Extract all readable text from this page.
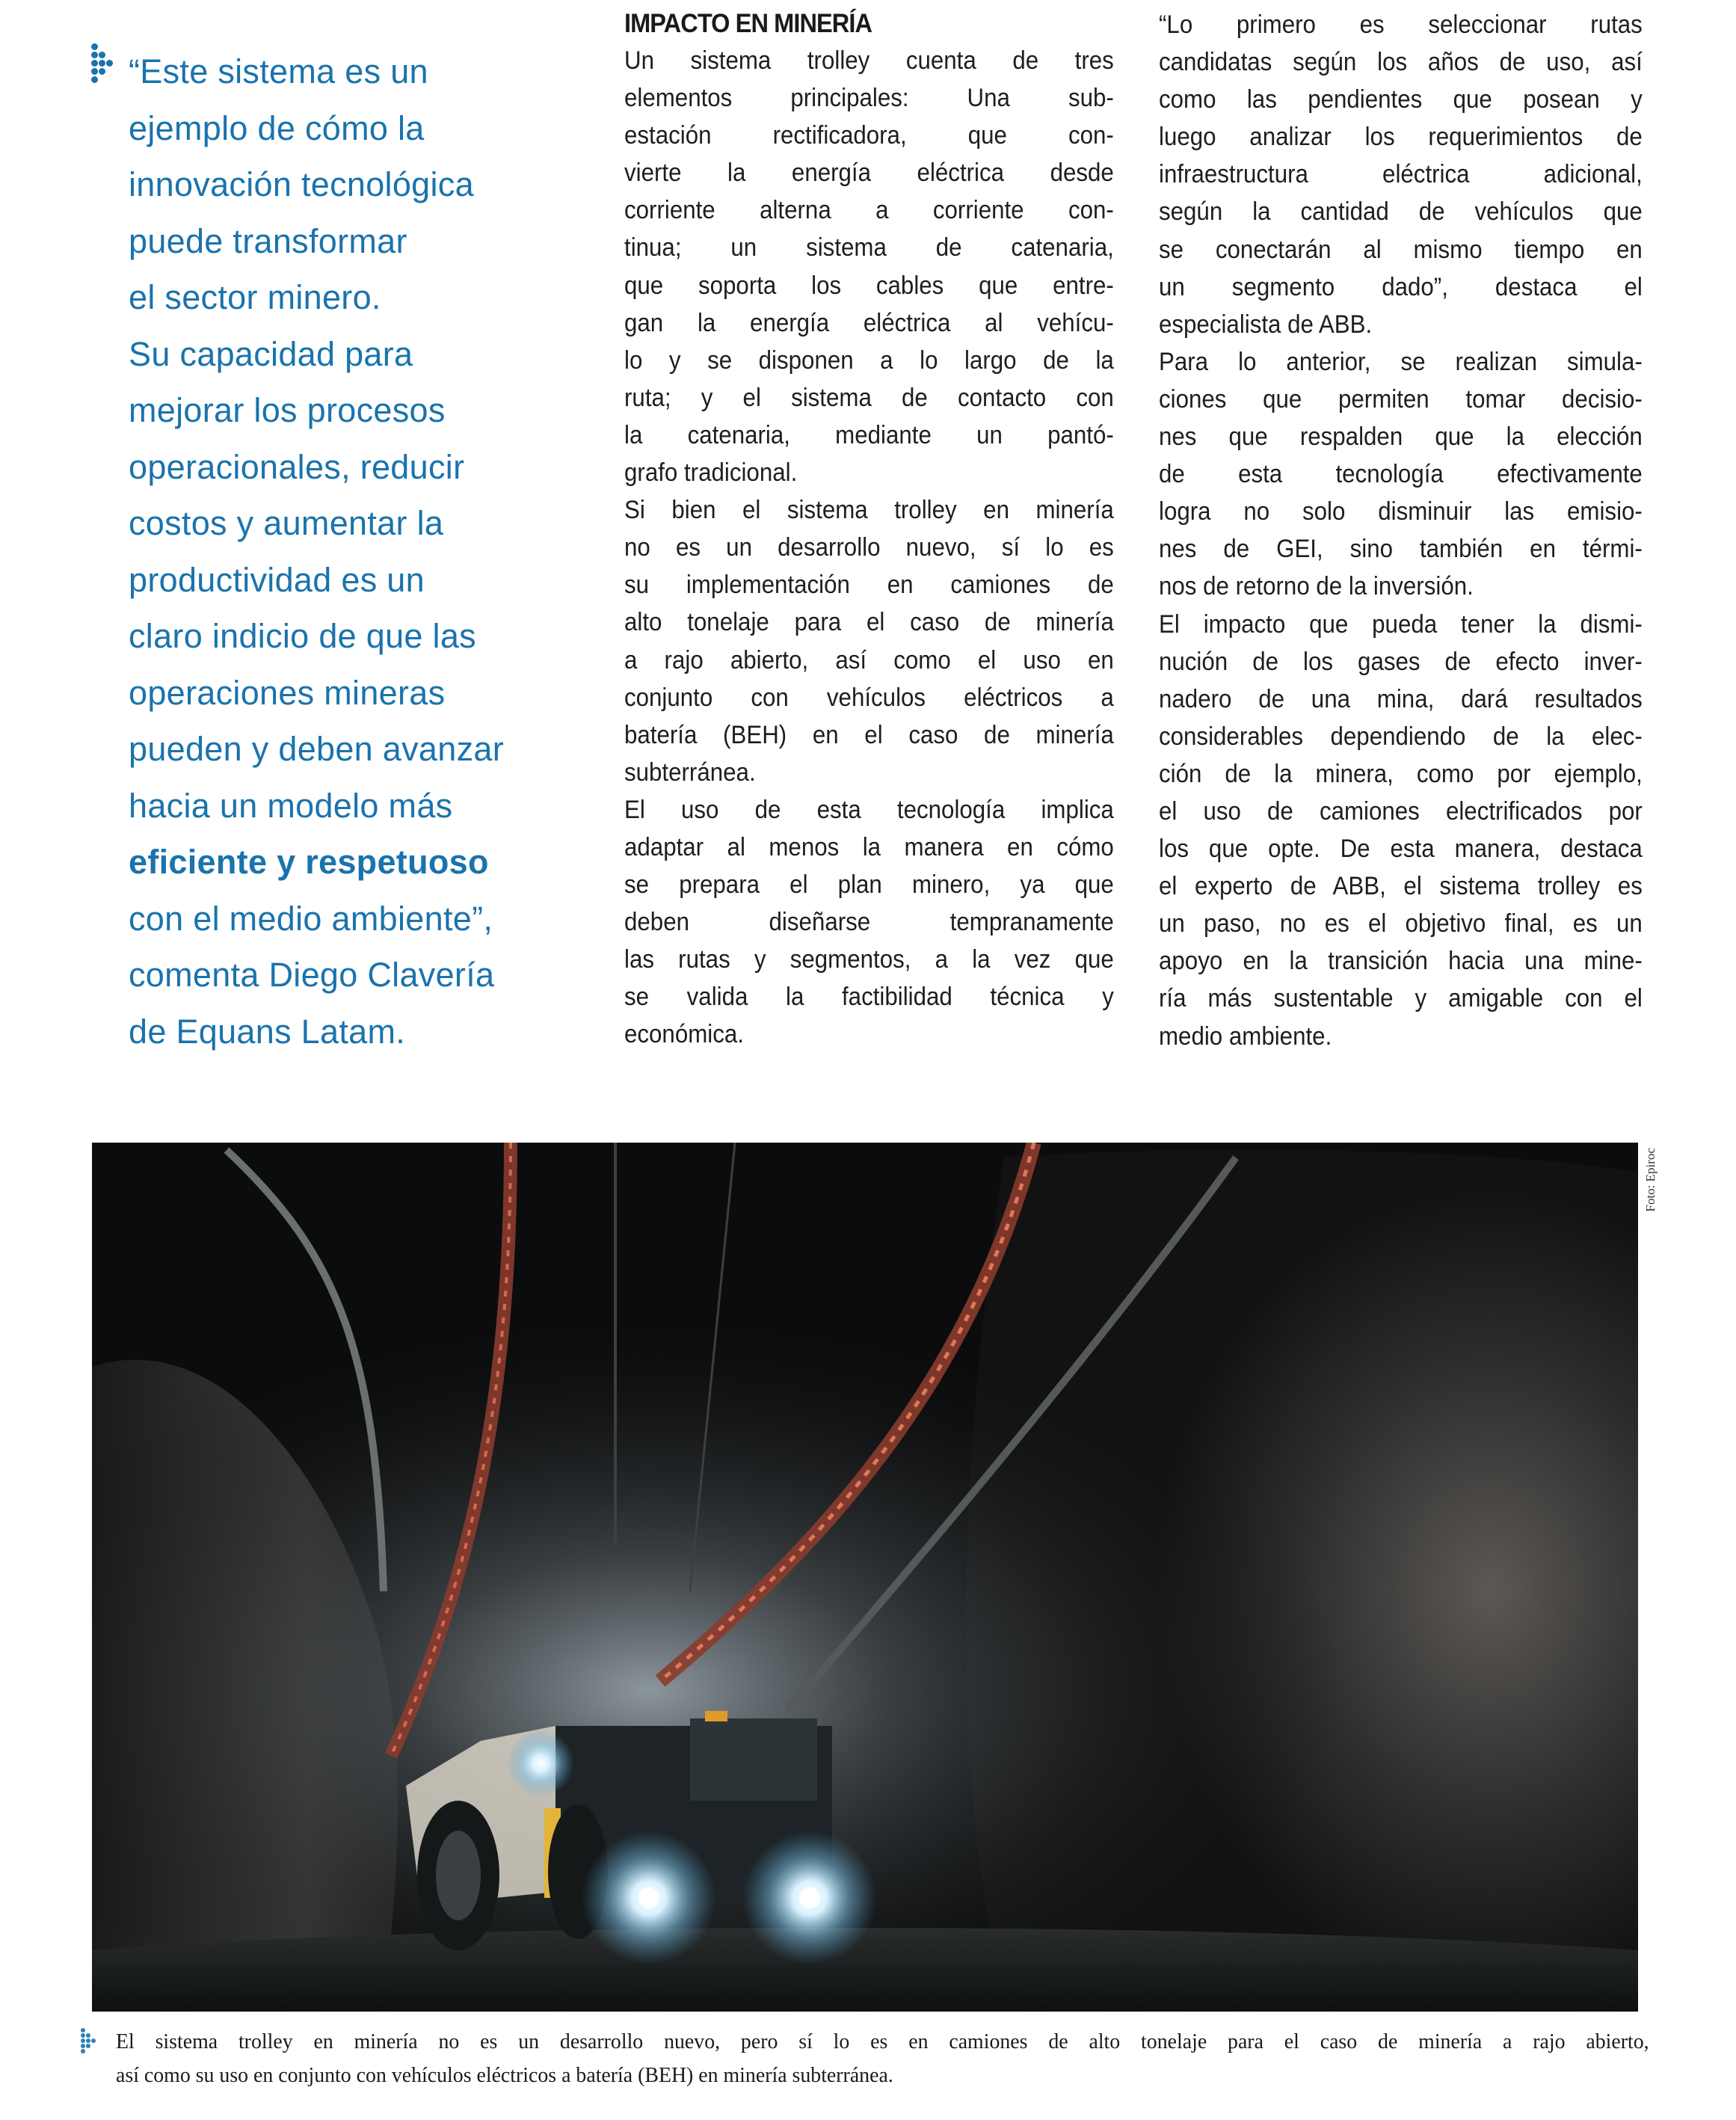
“Este sistema es un
ejemplo de cómo la
innovación tecnológica
puede transformar
el sector minero.
Su capacidad para
mejorar los procesos
operacionales, reducir
costos y aumentar la
productividad es un
claro indicio de que las
operaciones mineras
pueden y deben avanzar
hacia un modelo más
eficiente y respetuoso
con el medio ambiente”,
comenta Diego Clavería
de Equans Latam.
IMPACTO EN MINERÍA
Un sistema trolley cuenta de tres
elementos principales: Una sub-
estación rectificadora, que con-
vierte la energía eléctrica desde
corriente alterna a corriente con-
tinua; un sistema de catenaria,
que soporta los cables que entre-
gan la energía eléctrica al vehícu-
lo y se disponen a lo largo de la
ruta; y el sistema de contacto con
la catenaria, mediante un pantó-
grafo tradicional.
Si bien el sistema trolley en minería
no es un desarrollo nuevo, sí lo es
su implementación en camiones de
alto tonelaje para el caso de minería
a rajo abierto, así como el uso en
conjunto con vehículos eléctricos a
batería (BEH) en el caso de minería
subterránea.
El uso de esta tecnología implica
adaptar al menos la manera en cómo
se prepara el plan minero, ya que
deben diseñarse tempranamente
las rutas y segmentos, a la vez que
se valida la factibilidad técnica y
económica.
“Lo primero es seleccionar rutas
candidatas según los años de uso, así
como las pendientes que posean y
luego analizar los requerimientos de
infraestructura eléctrica adicional,
según la cantidad de vehículos que
se conectarán al mismo tiempo en
un segmento dado”, destaca el
especialista de ABB.
Para lo anterior, se realizan simula-
ciones que permiten tomar decisio-
nes que respalden que la elección
de esta tecnología efectivamente
logra no solo disminuir las emisio-
nes de GEI, sino también en térmi-
nos de retorno de la inversión.
El impacto que pueda tener la dismi-
nución de los gases de efecto inver-
nadero de una mina, dará resultados
considerables dependiendo de la elec-
ción de la minera, como por ejemplo,
el uso de camiones electrificados por
los que opte. De esta manera, destaca
el experto de ABB, el sistema trolley es
un paso, no es el objetivo final, es un
apoyo en la transición hacia una mine-
ría más sustentable y amigable con el
medio ambiente.
Foto: Epiroc
El sistema trolley en minería no es un desarrollo nuevo, pero sí lo es en camiones de alto tonelaje para el caso de minería a rajo abierto,
así como su uso en conjunto con vehículos eléctricos a batería (BEH) en minería subterránea.
